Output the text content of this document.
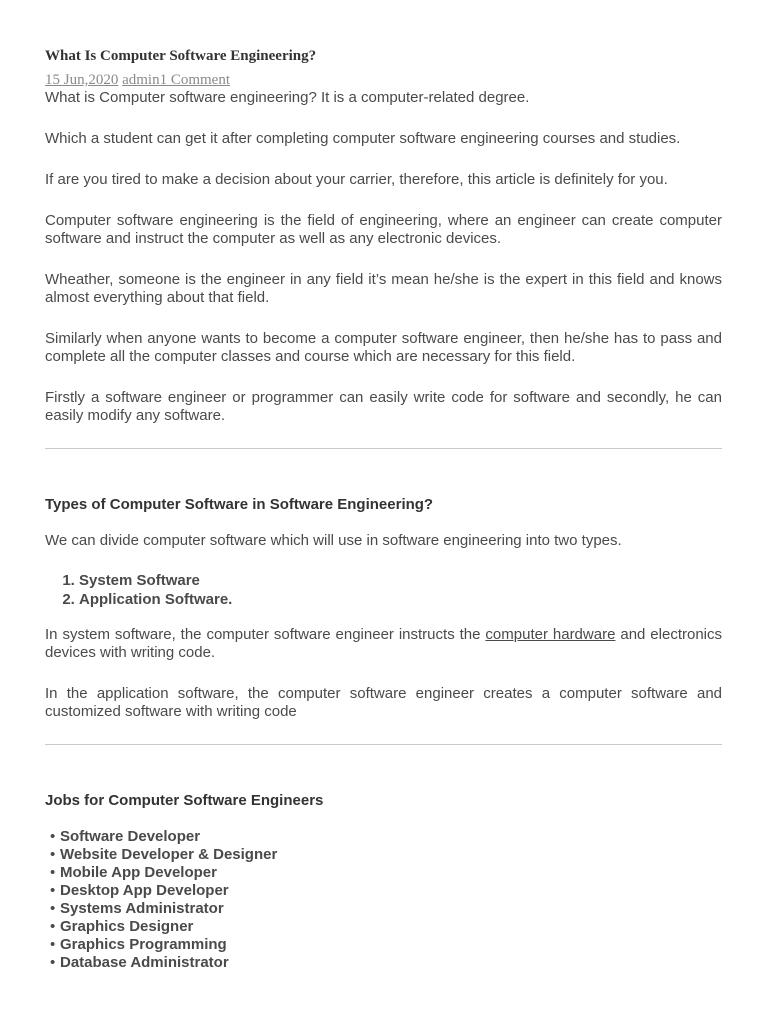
What Is Computer Software Engineering?
15 Jun,2020 admin1 Comment

What is Computer software engineering? It is a computer-related degree.

Which a student can get it after completing computer software engineering courses and studies.

If are you tired to make a decision about your carrier, therefore, this article is definitely for you.

Computer software engineering is the field of engineering, where an engineer can create computer software and instruct the computer as well as any electronic devices.

Wheather, someone is the engineer in any field it’s mean he/she is the expert in this field and knows almost everything about that field.

Similarly when anyone wants to become a computer software engineer, then he/she has to pass and complete all the computer classes and course which are necessary for this field.

Firstly a software engineer or programmer can easily write code for software and secondly, he can easily modify any software.

Types of Computer Software in Software Engineering?

We can divide computer software which will use in software engineering into two types.

1. System Software
2. Application Software.

In system software, the computer software engineer instructs the computer hardware and electronics devices with writing code.

In the application software, the computer software engineer creates a computer software and customized software with writing code

Jobs for Computer Software Engineers
• Software Developer
• Website Developer & Designer
• Mobile App Developer
• Desktop App Developer
• Systems Administrator
• Graphics Designer
• Graphics Programming
• Database Administrator
